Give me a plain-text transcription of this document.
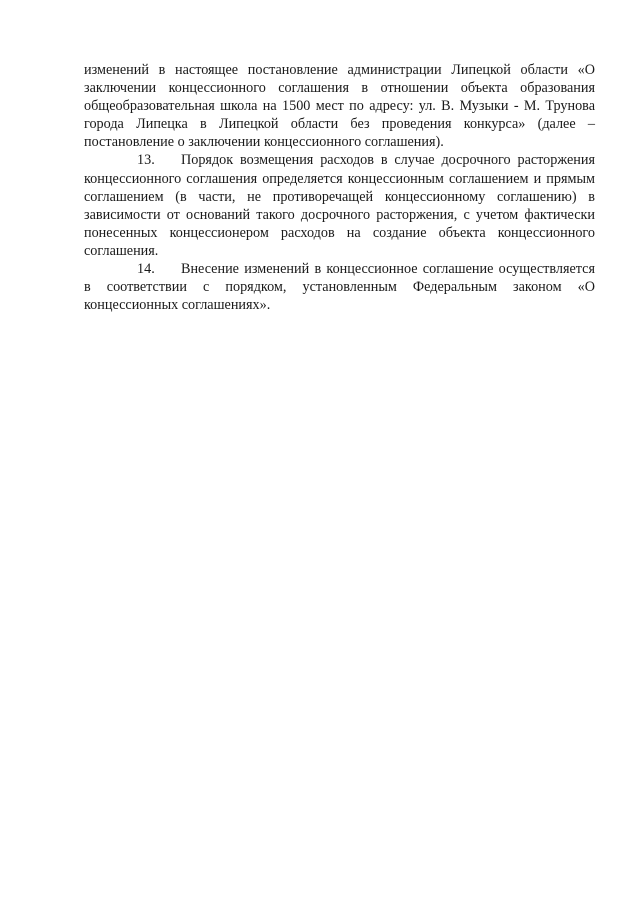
изменений в настоящее постановление администрации Липецкой области «О заключении концессионного соглашения в отношении объекта образования общеобразовательная школа на 1500 мест по адресу: ул. В. Музыки - М. Трунова города Липецка в Липецкой области без проведения конкурса» (далее – постановление о заключении концессионного соглашения).

13. Порядок возмещения расходов в случае досрочного расторжения концессионного соглашения определяется концессионным соглашением и прямым соглашением (в части, не противоречащей концессионному соглашению) в зависимости от оснований такого досрочного расторжения, с учетом фактически понесенных концессионером расходов на создание объекта концессионного соглашения.

14. Внесение изменений в концессионное соглашение осуществляется в соответствии с порядком, установленным Федеральным законом «О концессионных соглашениях».
